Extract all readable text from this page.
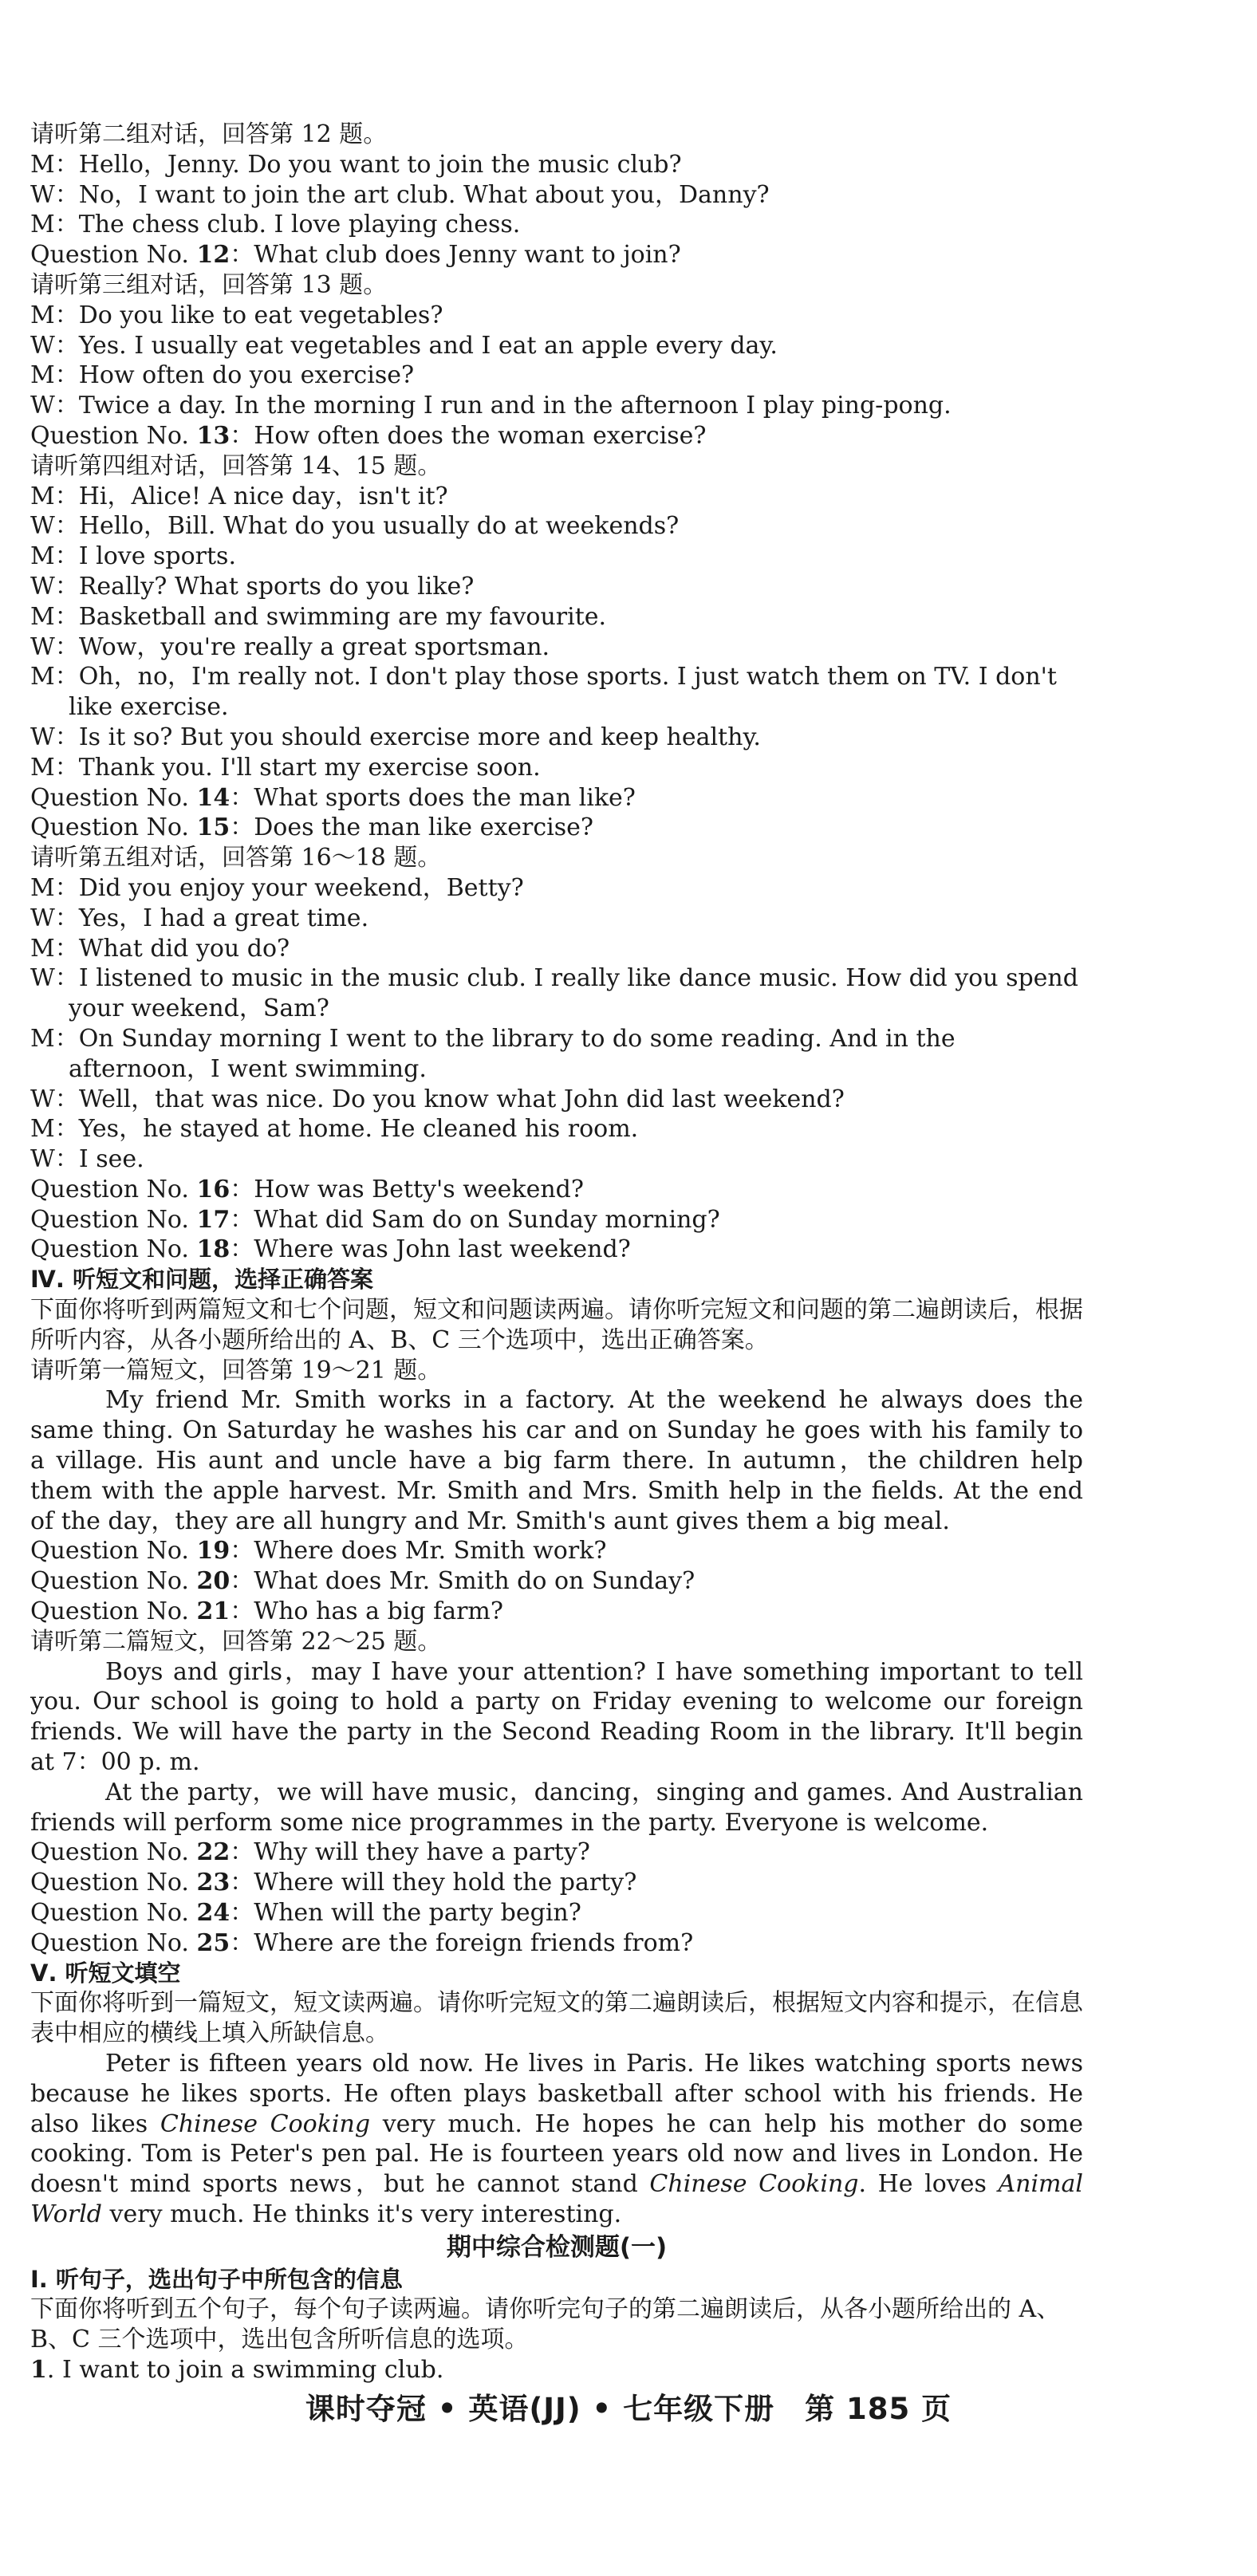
请听第二组对话，回答第 12 题。
M：Hello，Jenny. Do you want to join the music club?
W：No，I want to join the art club. What about you，Danny?
M：The chess club. I love playing chess.
Question No. 12：What club does Jenny want to join?
请听第三组对话，回答第 13 题。
M：Do you like to eat vegetables?
W：Yes. I usually eat vegetables and I eat an apple every day.
M：How often do you exercise?
W：Twice a day. In the morning I run and in the afternoon I play ping-pong.
Question No. 13：How often does the woman exercise?
请听第四组对话，回答第 14、15 题。
M：Hi，Alice! A nice day，isn't it?
W：Hello，Bill. What do you usually do at weekends?
M：I love sports.
W：Really? What sports do you like?
M：Basketball and swimming are my favourite.
W：Wow，you're really a great sportsman.
M：Oh，no，I'm really not. I don't play those sports. I just watch them on TV. I don't like exercise.
W：Is it so? But you should exercise more and keep healthy.
M：Thank you. I'll start my exercise soon.
Question No. 14：What sports does the man like?
Question No. 15：Does the man like exercise?
请听第五组对话，回答第 16～18 题。
M：Did you enjoy your weekend，Betty?
W：Yes，I had a great time.
M：What did you do?
W：I listened to music in the music club. I really like dance music. How did you spend your weekend，Sam?
M：On Sunday morning I went to the library to do some reading. And in the afternoon，I went swimming.
W：Well，that was nice. Do you know what John did last weekend?
M：Yes，he stayed at home. He cleaned his room.
W：I see.
Question No. 16：How was Betty's weekend?
Question No. 17：What did Sam do on Sunday morning?
Question No. 18：Where was John last weekend?
Ⅳ. 听短文和问题，选择正确答案
下面你将听到两篇短文和七个问题，短文和问题读两遍。请你听完短文和问题的第二遍朗读后，根据所听内容，从各小题所给出的 A、B、C 三个选项中，选出正确答案。
请听第一篇短文，回答第 19～21 题。
My friend Mr. Smith works in a factory. At the weekend he always does the same thing. On Saturday he washes his car and on Sunday he goes with his family to a village. His aunt and uncle have a big farm there. In autumn，the children help them with the apple harvest. Mr. Smith and Mrs. Smith help in the fields. At the end of the day，they are all hungry and Mr. Smith's aunt gives them a big meal.
Question No. 19：Where does Mr. Smith work?
Question No. 20：What does Mr. Smith do on Sunday?
Question No. 21：Who has a big farm?
请听第二篇短文，回答第 22～25 题。
Boys and girls，may I have your attention? I have something important to tell you. Our school is going to hold a party on Friday evening to welcome our foreign friends. We will have the party in the Second Reading Room in the library. It'll begin at 7：00 p. m.
At the party，we will have music，dancing，singing and games. And Australian friends will perform some nice programmes in the party. Everyone is welcome.
Question No. 22：Why will they have a party?
Question No. 23：Where will they hold the party?
Question No. 24：When will the party begin?
Question No. 25：Where are the foreign friends from?
Ⅴ. 听短文填空
下面你将听到一篇短文，短文读两遍。请你听完短文的第二遍朗读后，根据短文内容和提示，在信息表中相应的横线上填入所缺信息。
Peter is fifteen years old now. He lives in Paris. He likes watching sports news because he likes sports. He often plays basketball after school with his friends. He also likes Chinese Cooking very much. He hopes he can help his mother do some cooking. Tom is Peter's pen pal. He is fourteen years old now and lives in London. He doesn't mind sports news，but he cannot stand Chinese Cooking. He loves Animal World very much. He thinks it's very interesting.
期中综合检测题(一)
Ⅰ. 听句子，选出句子中所包含的信息
下面你将听到五个句子，每个句子读两遍。请你听完句子的第二遍朗读后，从各小题所给出的 A、B、C 三个选项中，选出包含所听信息的选项。
1. I want to join a swimming club.
课时夺冠 • 英语(JJ) • 七年级下册　第 185 页
